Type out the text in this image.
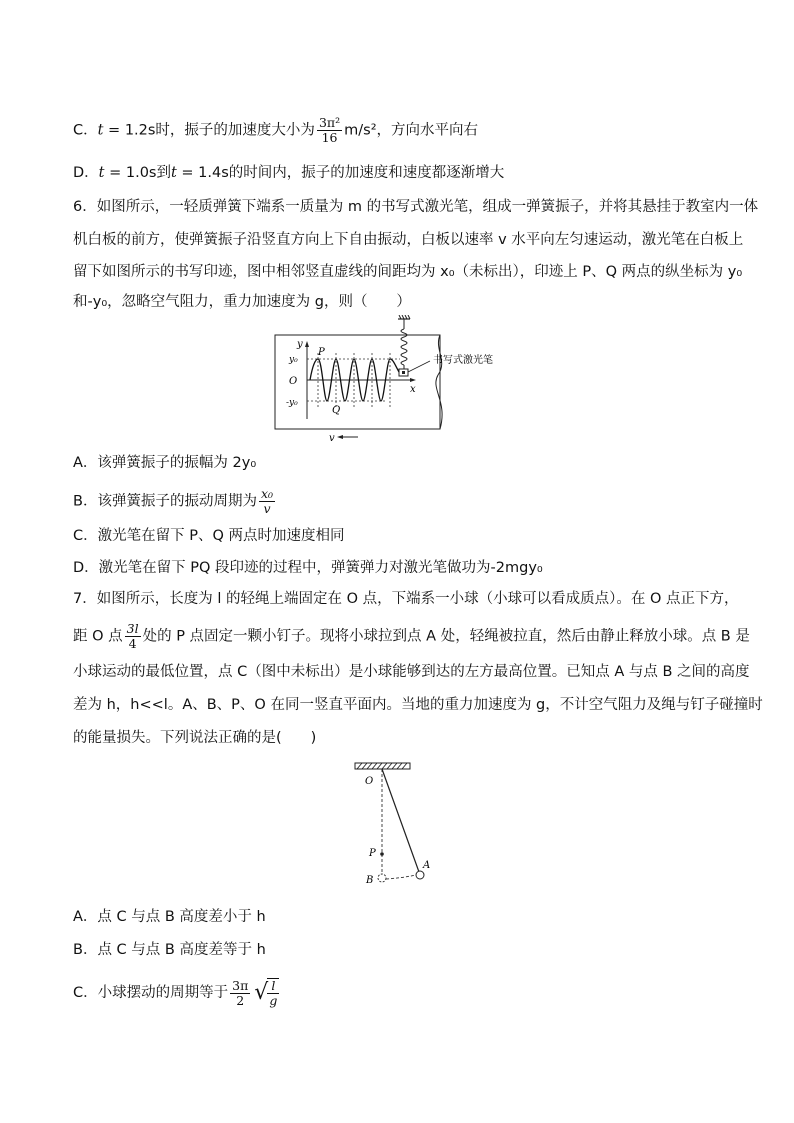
C．t = 1.2s时，振子的加速度大小为 $\frac{\text{3π²}}{16} m/s^2$，方向水平向右
D．t = 1.0s到t = 1.4s的时间内，振子的加速度和速度都逐渐增大
6．如图所示，一轻质弹簧下端系一质量为 m 的书写式激光笔，组成一弹簧振子，并将其悬挂于教室内一体
机白板的前方，使弹簧振子沿竖直方向上下自由振动，白板以速率 v 水平向左匀速运动，激光笔在白板上
留下如图所示的书写印迹，图中相邻竖直虚线的间距均为 x₀（未标出），印迹上 P、Q 两点的纵坐标为 y₀
和-y₀，忽略空气阻力，重力加速度为 g，则（　　）
书写式激光笔
y
x
O
y₀
-y₀
P
Q
v
A．该弹簧振子的振幅为 2y₀
B．该弹簧振子的振动周期为 $\frac{\text{x₀}}{v}$
C．激光笔在留下 P、Q 两点时加速度相同
D．激光笔在留下 PQ 段印迹的过程中，弹簧弹力对激光笔做功为-2mgy₀
7．如图所示，长度为 l 的轻绳上端固定在 O 点，下端系一小球（小球可以看成质点）。在 O 点正下方，
距 O 点 $\frac{3l}{4}$ 处的 P 点固定一颗小钉子。现将小球拉到点 A 处，轻绳被拉直，然后由静止释放小球。点 B 是
小球运动的最低位置，点 C（图中未标出）是小球能够到达的左方最高位置。已知点 A 与点 B 之间的高度
差为 h，h<<l。A、B、P、O 在同一竖直平面内。当地的重力加速度为 g，不计空气阻力及绳与钉子碰撞时
的能量损失。下列说法正确的是(　　)
O
P
A
B
A．点 C 与点 B 高度差小于 h
B．点 C 与点 B 高度差等于 h
C．小球摆动的周期等于 $\frac{3\pi}{2}$ √ $\frac{l}{g}$
